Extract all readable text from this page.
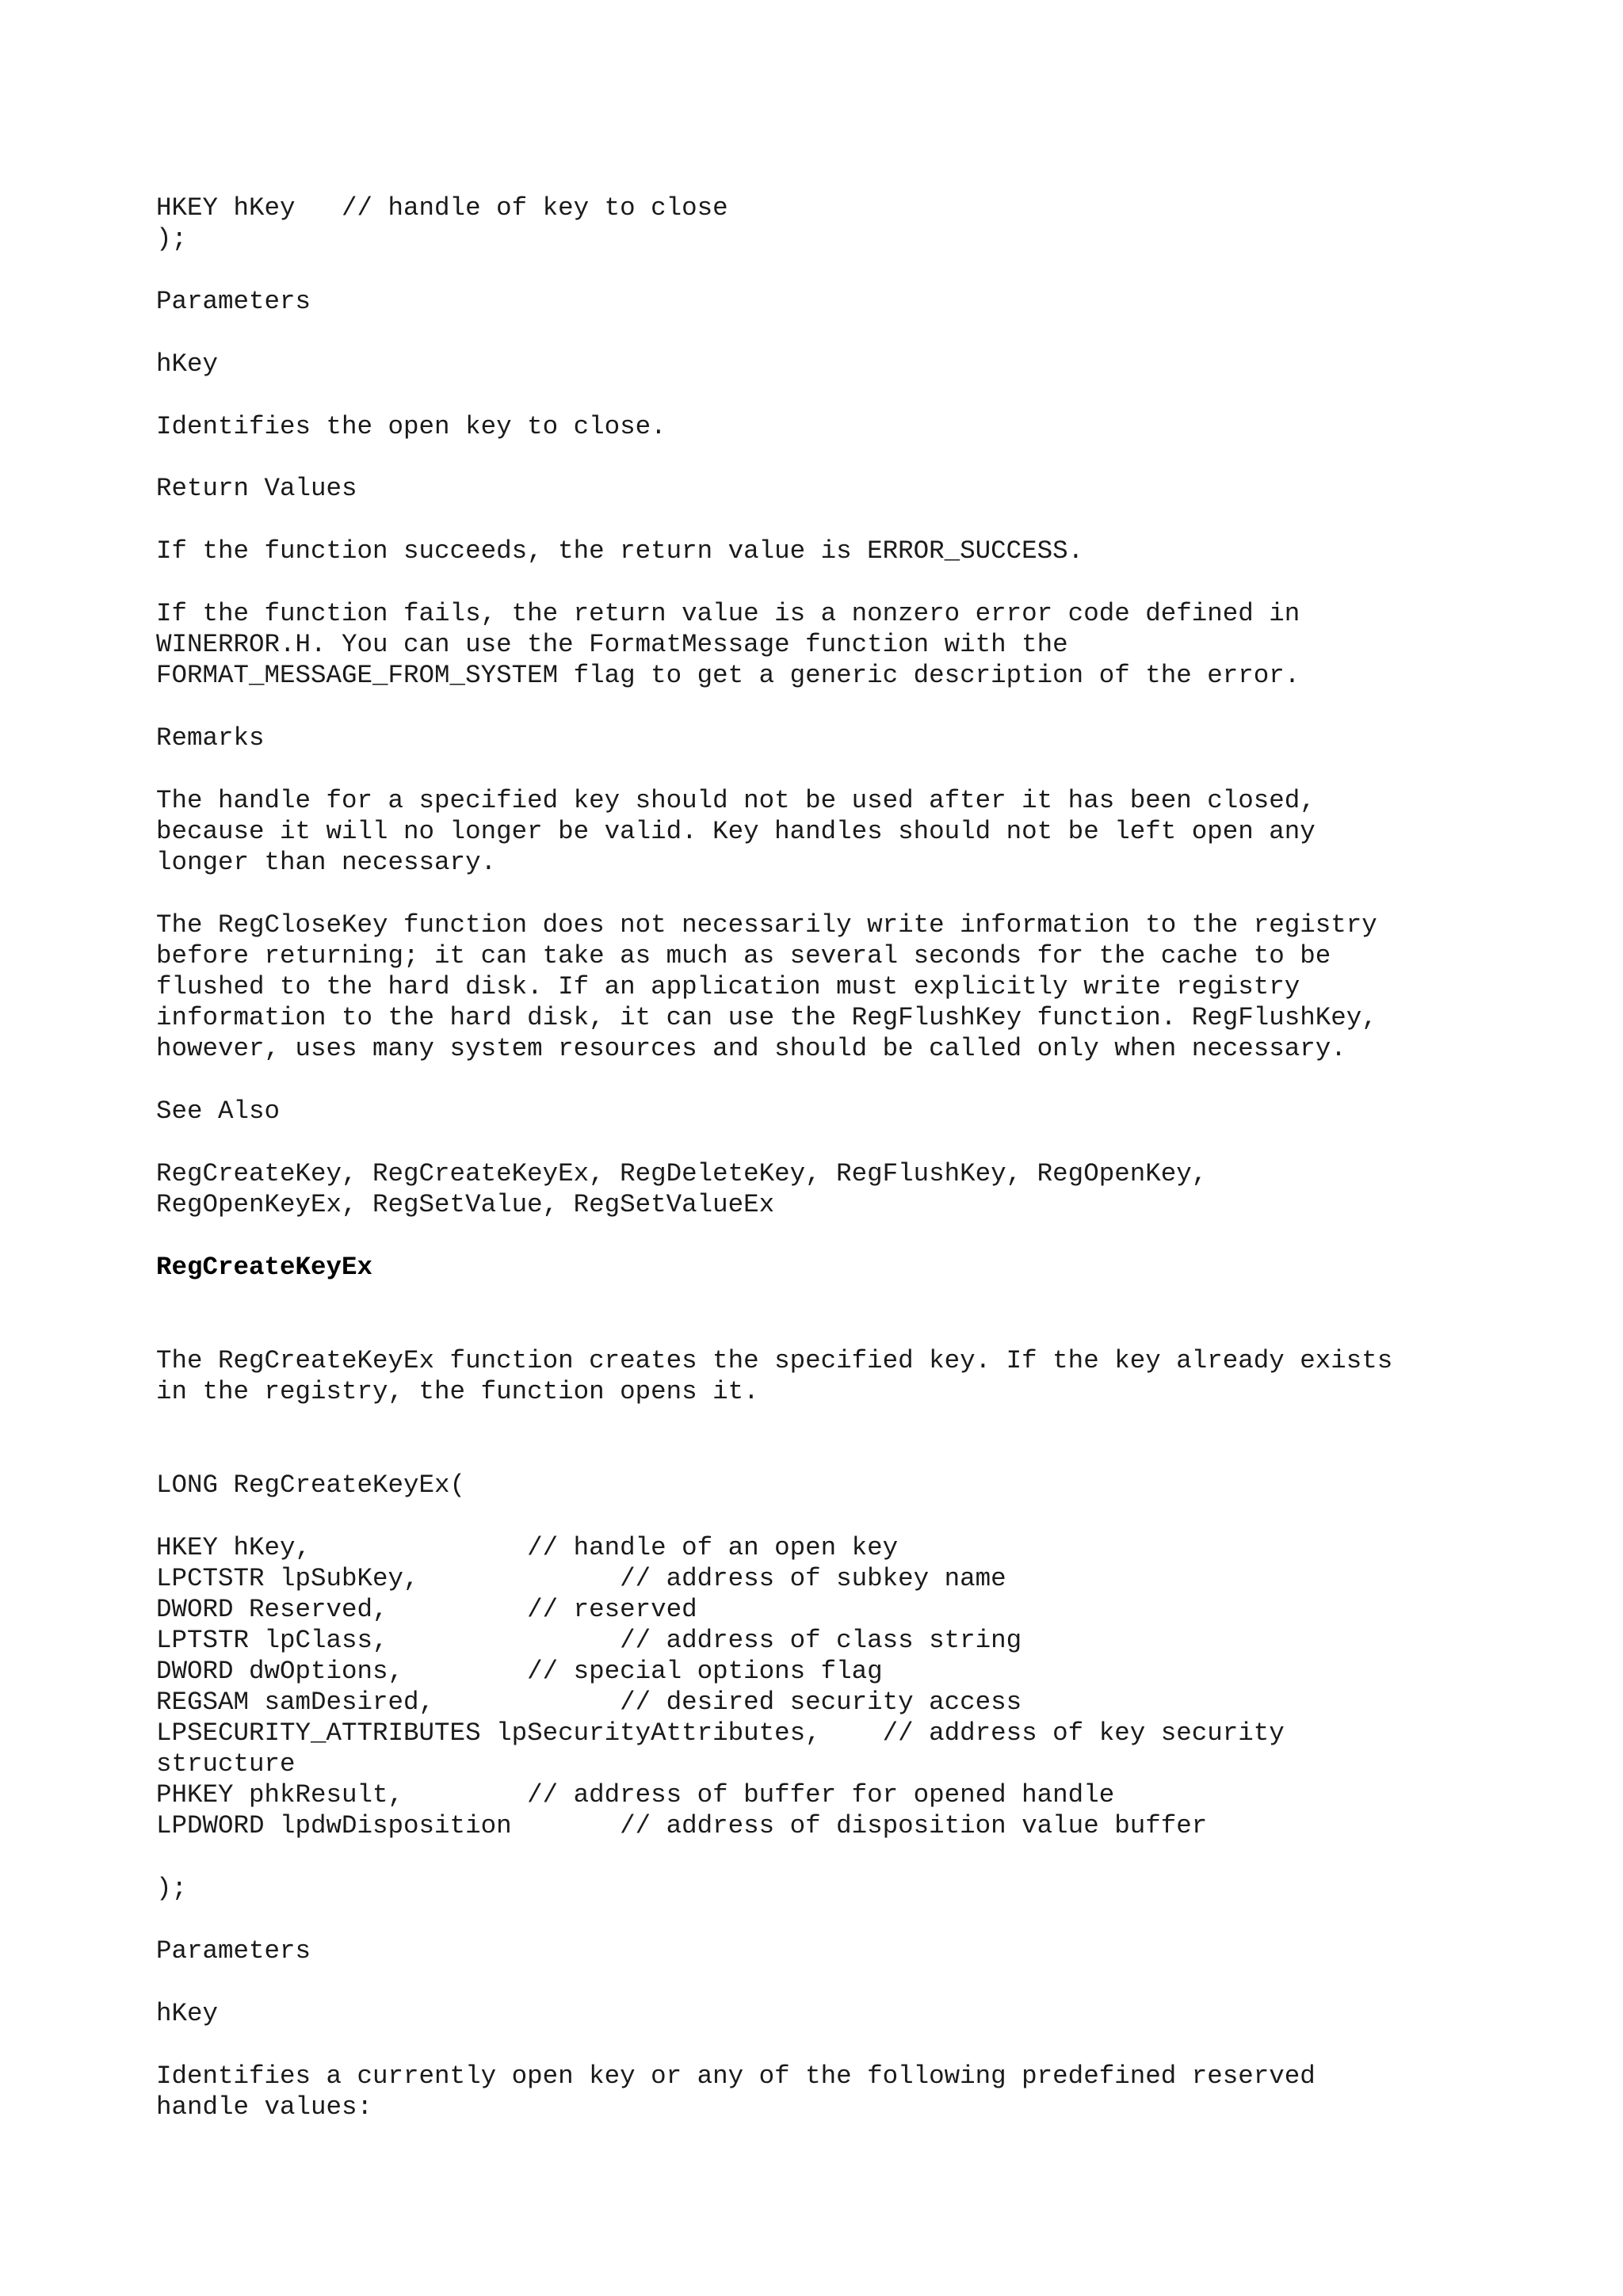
HKEY hKey   // handle of key to close

);

Parameters

hKey

Identifies the open key to close.

Return Values

If the function succeeds, the return value is ERROR_SUCCESS.

If the function fails, the return value is a nonzero error code defined in

WINERROR.H. You can use the FormatMessage function with the

FORMAT_MESSAGE_FROM_SYSTEM flag to get a generic description of the error.

Remarks

The handle for a specified key should not be used after it has been closed,

because it will no longer be valid. Key handles should not be left open any

longer than necessary.

The RegCloseKey function does not necessarily write information to the registry

before returning; it can take as much as several seconds for the cache to be

flushed to the hard disk. If an application must explicitly write registry

information to the hard disk, it can use the RegFlushKey function. RegFlushKey,

however, uses many system resources and should be called only when necessary.

See Also

RegCreateKey, RegCreateKeyEx, RegDeleteKey, RegFlushKey, RegOpenKey,

RegOpenKeyEx, RegSetValue, RegSetValueEx

RegCreateKeyEx

The RegCreateKeyEx function creates the specified key. If the key already exists

in the registry, the function opens it.

LONG RegCreateKeyEx(

HKEY hKey,              // handle of an open key

LPCTSTR lpSubKey,             // address of subkey name

DWORD Reserved,         // reserved

LPTSTR lpClass,               // address of class string

DWORD dwOptions,        // special options flag

REGSAM samDesired,            // desired security access

LPSECURITY_ATTRIBUTES lpSecurityAttributes,    // address of key security

structure

PHKEY phkResult,        // address of buffer for opened handle

LPDWORD lpdwDisposition       // address of disposition value buffer

);

Parameters

hKey

Identifies a currently open key or any of the following predefined reserved

handle values:
